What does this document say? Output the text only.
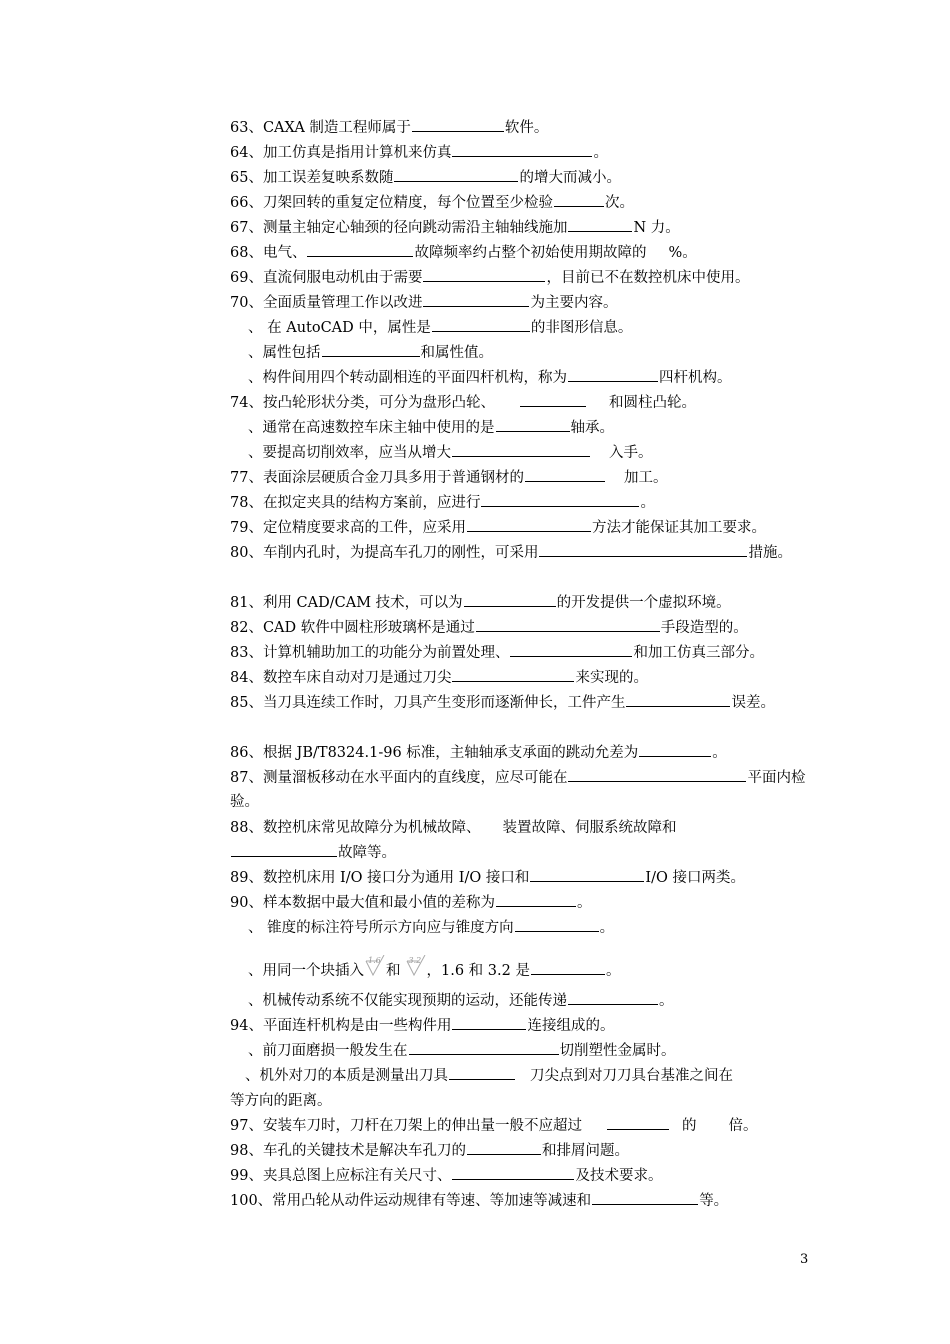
63、CAXA 制造工程师属于	软件。
64、加工仿真是指用计算机来仿真	。
65、加工误差复映系数随	的增大而减小。
66、刀架回转的重复定位精度，每个位置至少检验	次。
67、测量主轴定心轴颈的径向跳动需沿主轴轴线施加	N 力。
68、电气、	故障频率约占整个初始使用期故障的 %。
69、直流伺服电动机由于需要	，目前已不在数控机床中使用。
70、全面质量管理工作以改进	为主要内容。
、 在 AutoCAD 中，属性是	的非图形信息。
、属性包括	和属性值。
、构件间用四个转动副相连的平面四杆机构，称为	四杆机构。
74、按凸轮形状分类，可分为盘形凸轮、	和圆柱凸轮。
、通常在高速数控车床主轴中使用的是	轴承。
、要提高切削效率，应当从增大	入手。
77、表面涂层硬质合金刀具多用于普通钢材的	加工。
78、在拟定夹具的结构方案前，应进行	。
79、定位精度要求高的工件，应采用	方法才能保证其加工要求。
80、车削内孔时，为提高车孔刀的刚性，可采用	措施。
81、利用 CAD/CAM 技术，可以为	的开发提供一个虚拟环境。
82、CAD 软件中圆柱形玻璃杯是通过	手段造型的。
83、计算机辅助加工的功能分为前置处理、	和加工仿真三部分。
84、数控车床自动对刀是通过刀尖	来实现的。
85、当刀具连续工作时，刀具产生变形而逐渐伸长，工件产生	误差。
86、根据 JB/T8324.1-96 标准，主轴轴承支承面的跳动允差为	。
87、测量溜板移动在水平面内的直线度，应尽可能在	平面内检验。
88、数控机床常见故障分为机械故障、 装置故障、伺服系统故障和
故障等。
89、数控机床用 I/O 接口分为通用 I/O 接口和	I/O 接口两类。
90、样本数据中最大值和最小值的差称为	。
、 锥度的标注符号所示方向应与锥度方向	。
、用同一个块插入
1.6
和
3.2
，1.6 和 3.2 是	。
、机械传动系统不仅能实现预期的运动，还能传递	。
94、平面连杆机构是由一些构件用	连接组成的。
、前刀面磨损一般发生在	切削塑性金属时。
、机外对刀的本质是测量出刀具	刀尖点到对刀刀具台基准之间在
等方向的距离。
97、安装车刀时，刀杆在刀架上的伸出量一般不应超过	的 倍。
98、车孔的关键技术是解决车孔刀的	和排屑问题。
99、夹具总图上应标注有关尺寸、	及技术要求。
100、常用凸轮从动件运动规律有等速、等加速等减速和	等。
3
